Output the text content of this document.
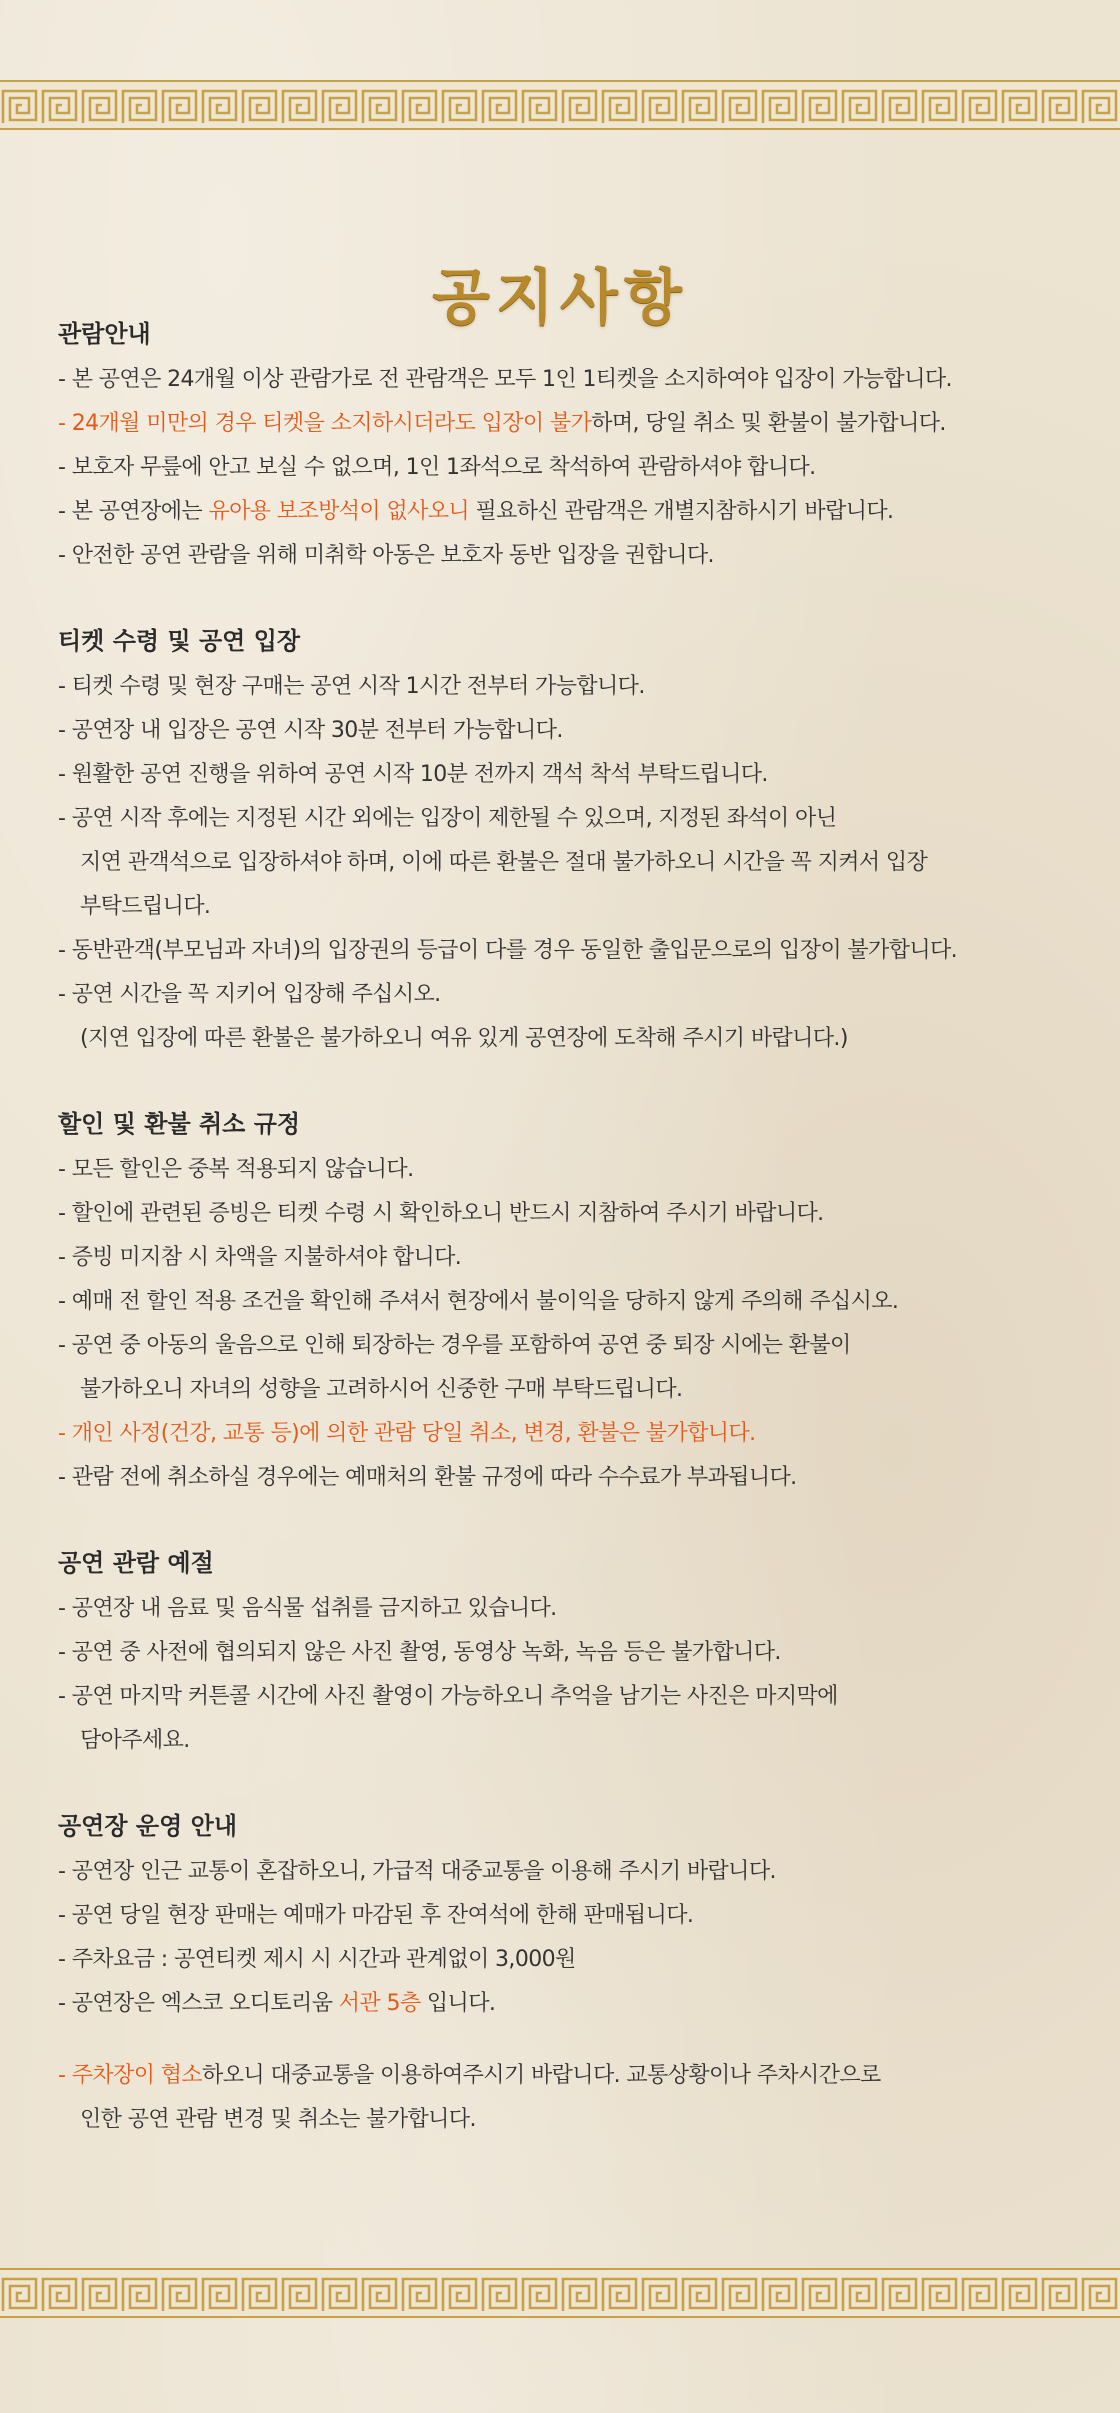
공지사항
관람안내
- 본 공연은 24개월 이상 관람가로 전 관람객은 모두 1인 1티켓을 소지하여야 입장이 가능합니다.
- 24개월 미만의 경우 티켓을 소지하시더라도 입장이 불가하며, 당일 취소 및 환불이 불가합니다.
- 보호자 무릎에 안고 보실 수 없으며, 1인 1좌석으로 착석하여 관람하셔야 합니다.
- 본 공연장에는 유아용 보조방석이 없사오니 필요하신 관람객은 개별지참하시기 바랍니다.
- 안전한 공연 관람을 위해 미취학 아동은 보호자 동반 입장을 권합니다.
티켓 수령 및 공연 입장
- 티켓 수령 및 현장 구매는 공연 시작 1시간 전부터 가능합니다.
- 공연장 내 입장은 공연 시작 30분 전부터 가능합니다.
- 원활한 공연 진행을 위하여 공연 시작 10분 전까지 객석 착석 부탁드립니다.
- 공연 시작 후에는 지정된 시간 외에는 입장이 제한될 수 있으며, 지정된 좌석이 아닌
지연 관객석으로 입장하셔야 하며, 이에 따른 환불은 절대 불가하오니 시간을 꼭 지켜서 입장
부탁드립니다.
- 동반관객(부모님과 자녀)의 입장권의 등급이 다를 경우 동일한 출입문으로의 입장이 불가합니다.
- 공연 시간을 꼭 지키어 입장해 주십시오.
(지연 입장에 따른 환불은 불가하오니 여유 있게 공연장에 도착해 주시기 바랍니다.)
할인 및 환불 취소 규정
- 모든 할인은 중복 적용되지 않습니다.
- 할인에 관련된 증빙은 티켓 수령 시 확인하오니 반드시 지참하여 주시기 바랍니다.
- 증빙 미지참 시 차액을 지불하셔야 합니다.
- 예매 전 할인 적용 조건을 확인해 주셔서 현장에서 불이익을 당하지 않게 주의해 주십시오.
- 공연 중 아동의 울음으로 인해 퇴장하는 경우를 포함하여 공연 중 퇴장 시에는 환불이
불가하오니 자녀의 성향을 고려하시어 신중한 구매 부탁드립니다.
- 개인 사정(건강, 교통 등)에 의한 관람 당일 취소, 변경, 환불은 불가합니다.
- 관람 전에 취소하실 경우에는 예매처의 환불 규정에 따라 수수료가 부과됩니다.
공연 관람 예절
- 공연장 내 음료 및 음식물 섭취를 금지하고 있습니다.
- 공연 중 사전에 협의되지 않은 사진 촬영, 동영상 녹화, 녹음 등은 불가합니다.
- 공연 마지막 커튼콜 시간에 사진 촬영이 가능하오니 추억을 남기는 사진은 마지막에
담아주세요.
공연장 운영 안내
- 공연장 인근 교통이 혼잡하오니, 가급적 대중교통을 이용해 주시기 바랍니다.
- 공연 당일 현장 판매는 예매가 마감된 후 잔여석에 한해 판매됩니다.
- 주차요금 : 공연티켓 제시 시 시간과 관계없이 3,000원
- 공연장은 엑스코 오디토리움 서관 5층 입니다.
- 주차장이 협소하오니 대중교통을 이용하여주시기 바랍니다. 교통상황이나 주차시간으로
인한 공연 관람 변경 및 취소는 불가합니다.
